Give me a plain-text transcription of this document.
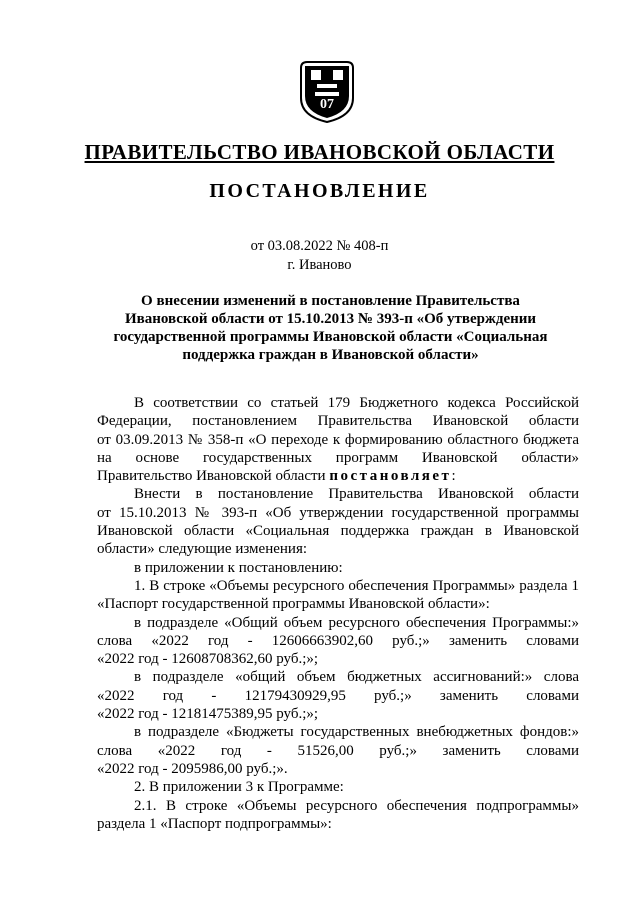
07
ПРАВИТЕЛЬСТВО ИВАНОВСКОЙ ОБЛАСТИ
ПОСТАНОВЛЕНИЕ
от 03.08.2022 № 408-п
г. Иваново
О внесении изменений в постановление Правительства
Ивановской области от 15.10.2013 № 393-п «Об утверждении
государственной программы Ивановской области «Социальная
поддержка граждан в Ивановской области»

В соответствии со статьей 179 Бюджетного кодекса Российской

Федерации, постановлением Правительства Ивановской области

от 03.09.2013 № 358-п «О переходе к формированию областного бюджета

на основе государственных программ Ивановской области»

Правительство Ивановской области постановляет:

Внести в постановление Правительства Ивановской области

от 15.10.2013 № 393-п «Об утверждении государственной программы

Ивановской области «Социальная поддержка граждан в Ивановской

области» следующие изменения:

в приложении к постановлению:

1. В строке «Объемы ресурсного обеспечения Программы» раздела 1

«Паспорт государственной программы Ивановской области»:

в подразделе «Общий объем ресурсного обеспечения Программы:»

слова «2022 год - 12606663902,60 руб.;» заменить словами

«2022 год - 12608708362,60 руб.;»;

в подразделе «общий объем бюджетных ассигнований:» слова

«2022 год - 12179430929,95 руб.;» заменить словами

«2022 год - 12181475389,95 руб.;»;

в подразделе «Бюджеты государственных внебюджетных фондов:»

слова «2022 год - 51526,00 руб.;» заменить словами

«2022 год - 2095986,00 руб.;».

2. В приложении 3 к Программе:

2.1. В строке «Объемы ресурсного обеспечения подпрограммы»

раздела 1 «Паспорт подпрограммы»:
